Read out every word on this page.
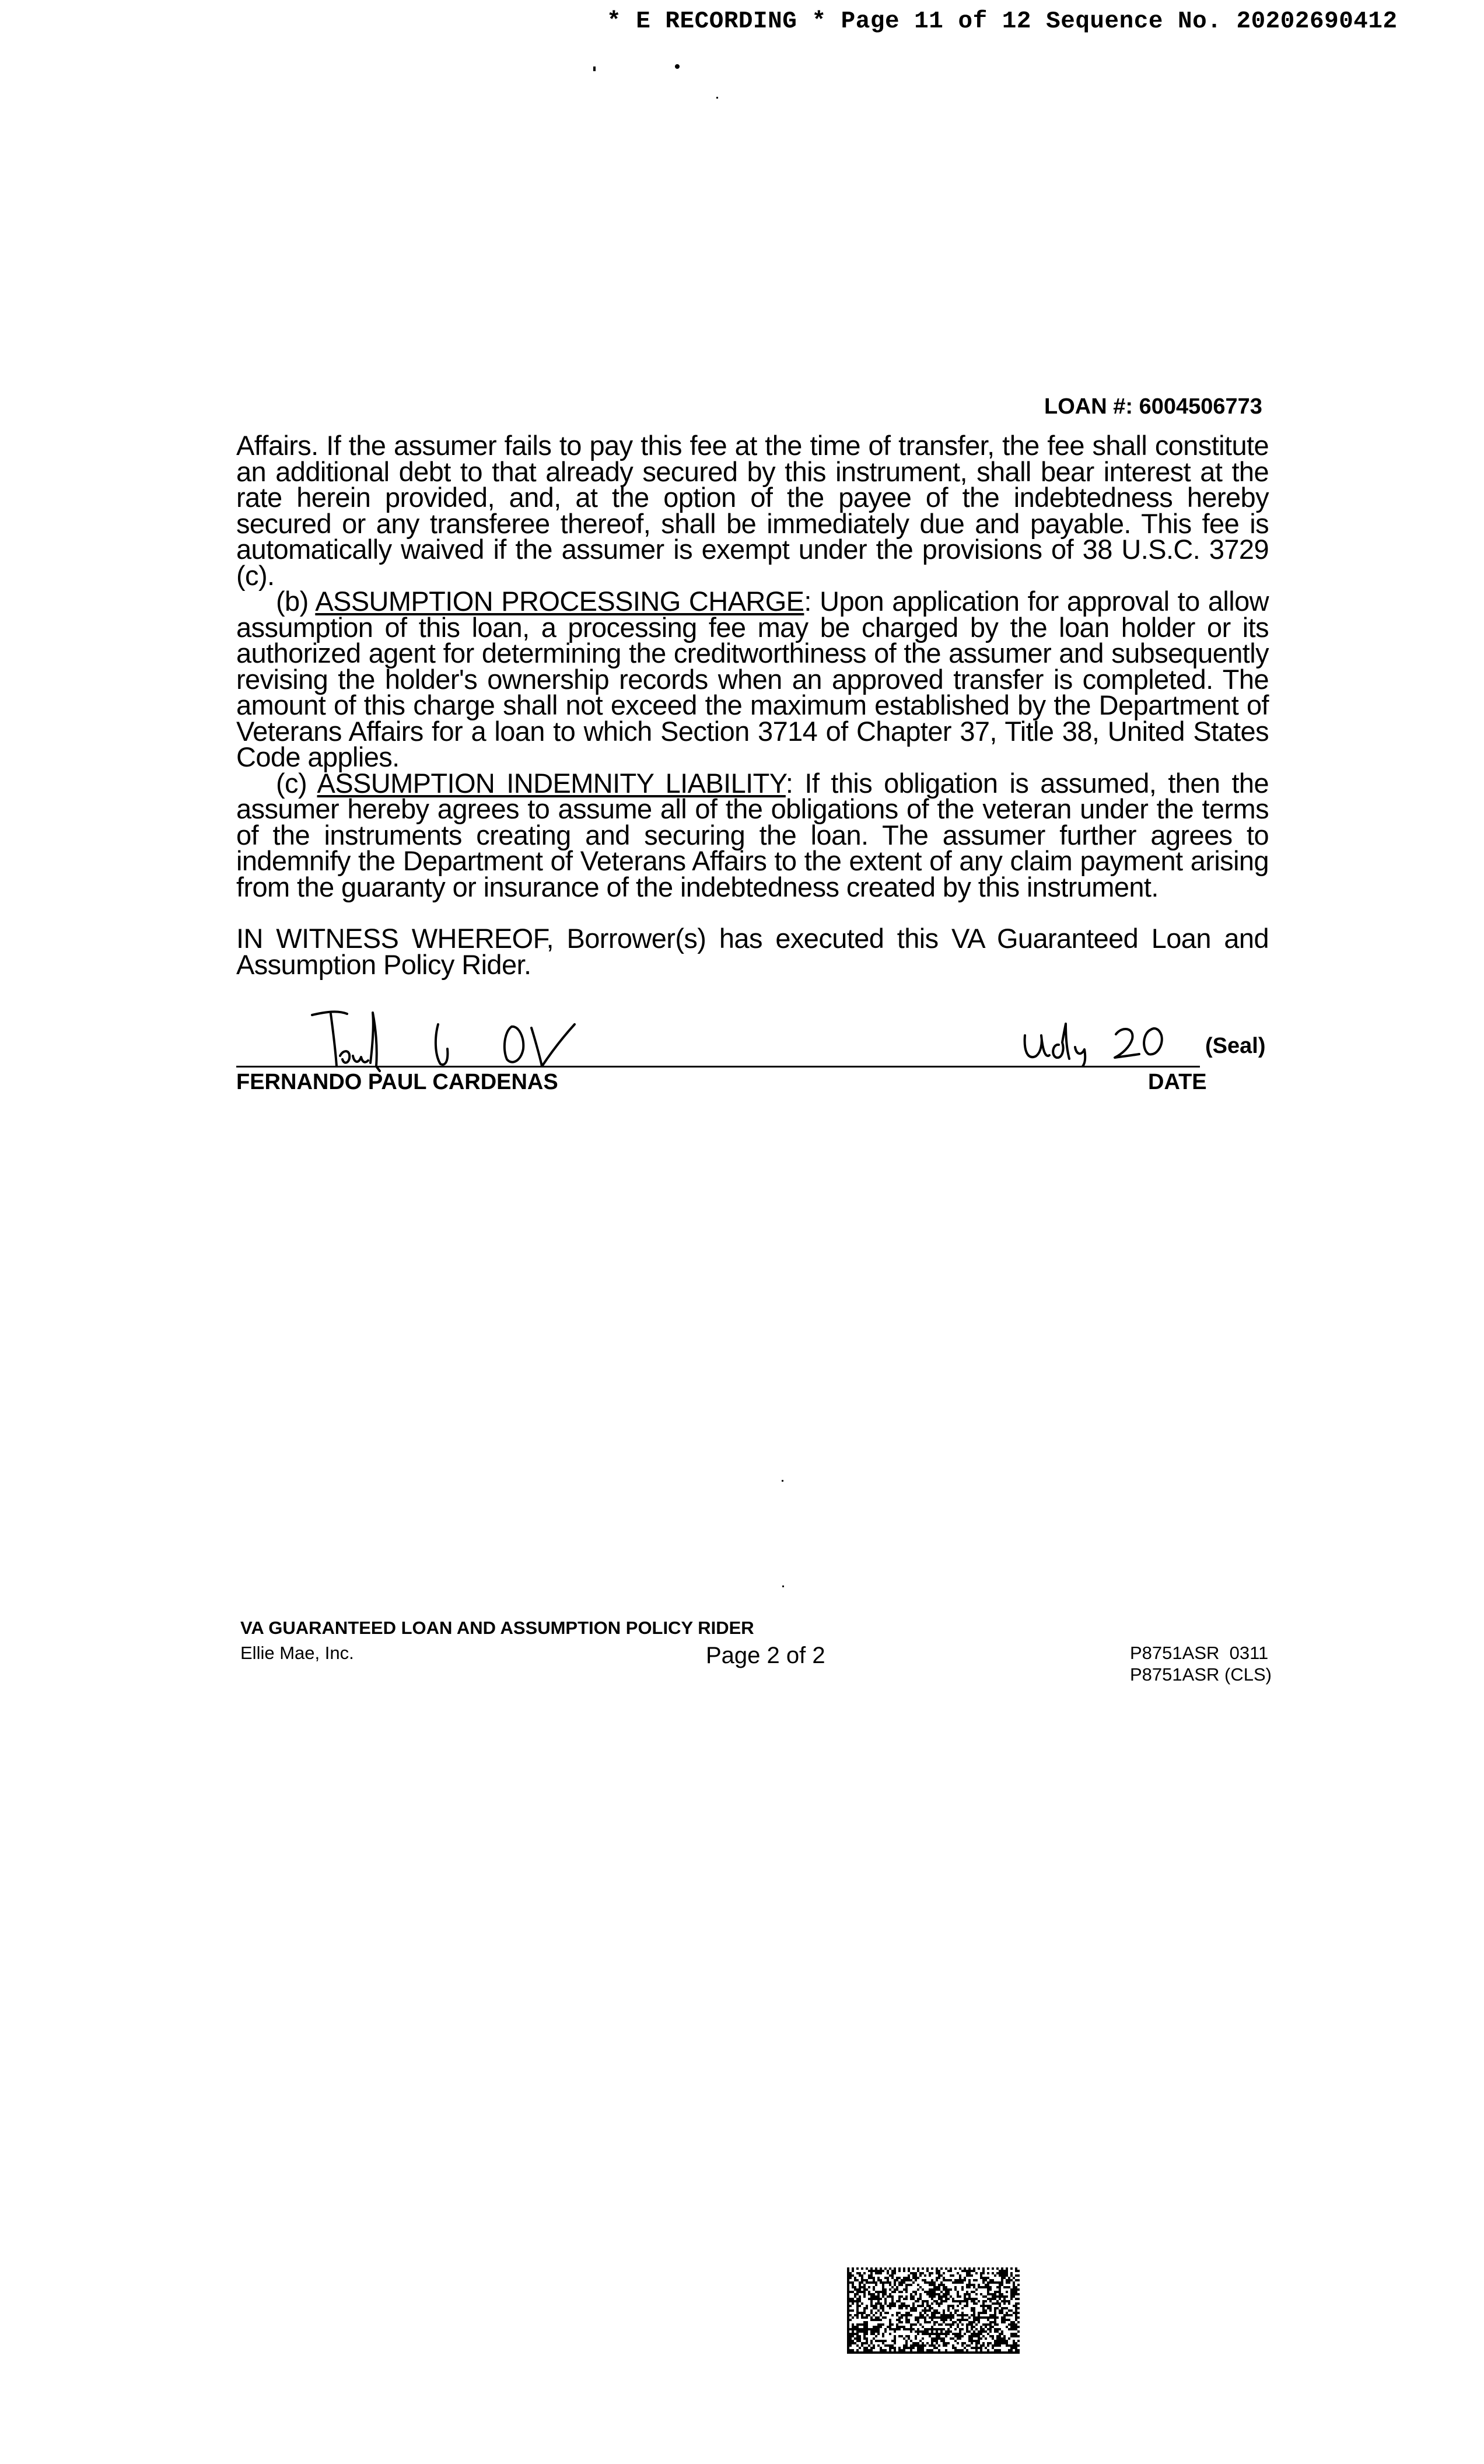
* E RECORDING * Page 11 of 12 Sequence No. 20202690412
LOAN #: 6004506773

Affairs. If the assumer fails to pay this fee at the time of transfer, the fee shall constitute an additional debt to that already secured by this instrument, shall bear interest at the rate herein provided, and, at the option of the payee of the indebtedness hereby secured or any transferee thereof, shall be immediately due and payable. This fee is automatically waived if the assumer is exempt under the provisions of 38 U.S.C. 3729 (c).

(b) ASSUMPTION PROCESSING CHARGE: Upon application for approval to allow assumption of this loan, a processing fee may be charged by the loan holder or its authorized agent for determining the creditworthiness of the assumer and subsequently revising the holder's ownership records when an approved transfer is completed. The amount of this charge shall not exceed the maximum established by the Department of Veterans Affairs for a loan to which Section 3714 of Chapter 37, Title 38, United States Code applies.

(c) ASSUMPTION INDEMNITY LIABILITY: If this obligation is assumed, then the assumer hereby agrees to assume all of the obligations of the veteran under the terms of the instruments creating and securing the loan. The assumer further agrees to indemnify the Department of Veterans Affairs to the extent of any claim payment arising from the guaranty or insurance of the indebtedness created by this instrument.

IN WITNESS WHEREOF, Borrower(s) has executed this VA Guaranteed Loan and Assumption Policy Rider.

(Seal)
FERNANDO PAUL CARDENAS	DATE
VA GUARANTEED LOAN AND ASSUMPTION POLICY RIDER
Ellie Mae, Inc.	Page 2 of 2	P8751ASR  0311
P8751ASR (CLS)
